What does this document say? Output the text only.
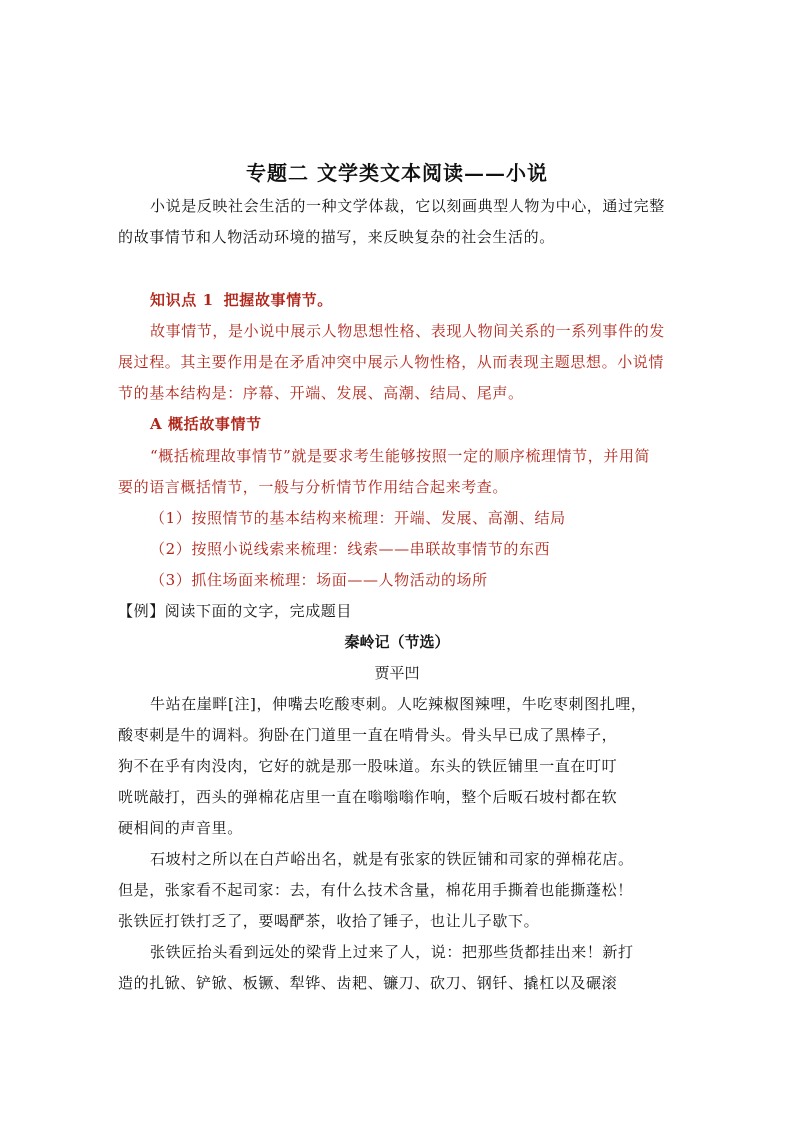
专题二 文学类文本阅读——小说
小说是反映社会生活的一种文学体裁，它以刻画典型人物为中心，通过完整
的故事情节和人物活动环境的描写，来反映复杂的社会生活的。
知识点 1 把握故事情节。
故事情节，是小说中展示人物思想性格、表现人物间关系的一系列事件的发
展过程。其主要作用是在矛盾冲突中展示人物性格，从而表现主题思想。小说情
节的基本结构是：序幕、开端、发展、高潮、结局、尾声。
A 概括故事情节
“概括梳理故事情节”就是要求考生能够按照一定的顺序梳理情节，并用简
要的语言概括情节，一般与分析情节作用结合起来考查。
（1）按照情节的基本结构来梳理：开端、发展、高潮、结局
（2）按照小说线索来梳理：线索——串联故事情节的东西
（3）抓住场面来梳理：场面——人物活动的场所
【例】阅读下面的文字，完成题目
秦岭记（节选）
贾平凹
牛站在崖畔[注]，伸嘴去吃酸枣刺。人吃辣椒图辣哩，牛吃枣刺图扎哩，
酸枣刺是牛的调料。狗卧在门道里一直在啃骨头。骨头早已成了黑棒子，
狗不在乎有肉没肉，它好的就是那一股味道。东头的铁匠铺里一直在叮叮
咣咣敲打，西头的弹棉花店里一直在嗡嗡嗡作响，整个后畈石坡村都在软
硬相间的声音里。
石坡村之所以在白芦峪出名，就是有张家的铁匠铺和司家的弹棉花店。
但是，张家看不起司家：去，有什么技术含量，棉花用手撕着也能撕蓬松！
张铁匠打铁打乏了，要喝酽茶，收拾了锤子，也让儿子歇下。
张铁匠抬头看到远处的梁背上过来了人，说：把那些货都挂出来！新打
造的扎锨、铲锨、板镢、犁铧、齿耙、镰刀、砍刀、钢钎、撬杠以及碾滚
